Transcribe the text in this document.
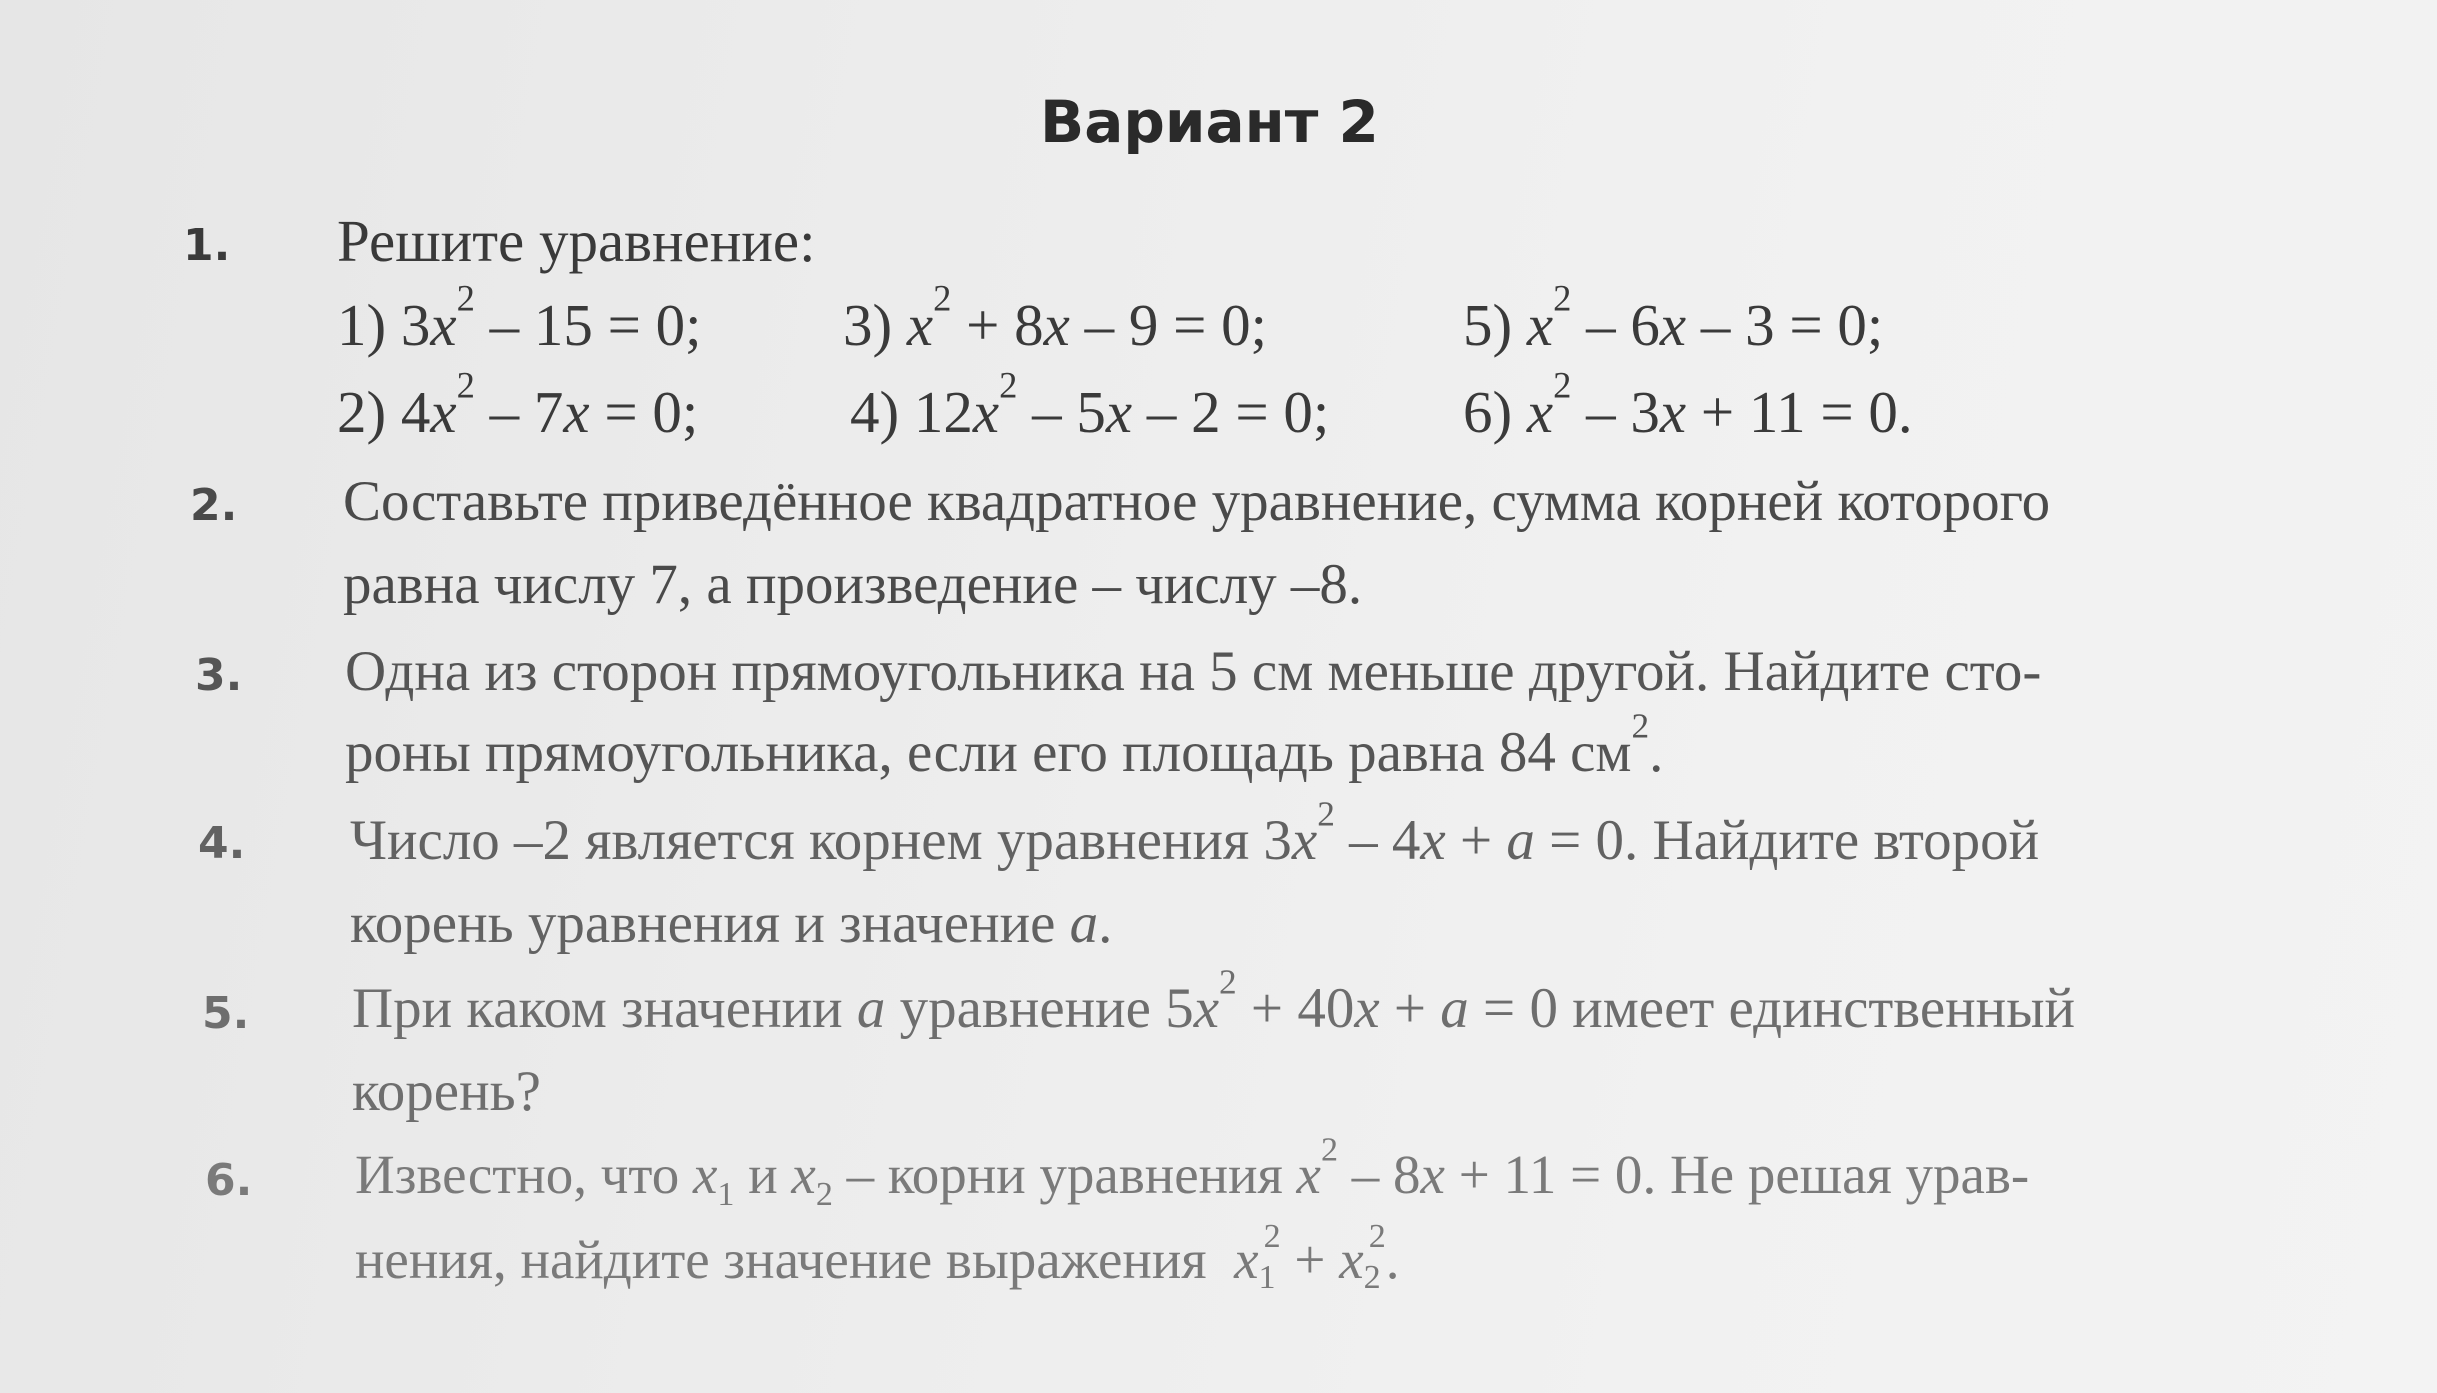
Вариант 2
1. Решите уравнение:
1) $3x^2 - 15 = 0$; 3) $x^2 + 8x - 9 = 0$;	5) $x^2 - 6x - 3 = 0$;
2) $4x^2 - 7x = 0$;	4) $12x^2 - 5x - 2 = 0$; 6) $x^2 - 3x + 11 = 0$.
2. Составьте приведённое квадратное уравнение, сумма корней которого
равна числу 7, а произведение – числу –8.
3. Одна из сторон прямоугольника на 5 см меньше другой. Найдите сто-
роны прямоугольника, если его площадь равна 84 $см^2$.
4. Число –2 является корнем уравнения $3x^2 - 4x + a = 0$. Найдите второй
корень уравнения и значение a.
5. При каком значении a уравнение $5x^2 + 40x + a = 0$ имеет единственный
корень?
6. Известно, что $x_1$ и $x_2$ – корни уравнения $x^2 - 8x + 11 = 0$. Не решая урав-
нения, найдите значение выражения $x_1^2 + x_2^2$.
